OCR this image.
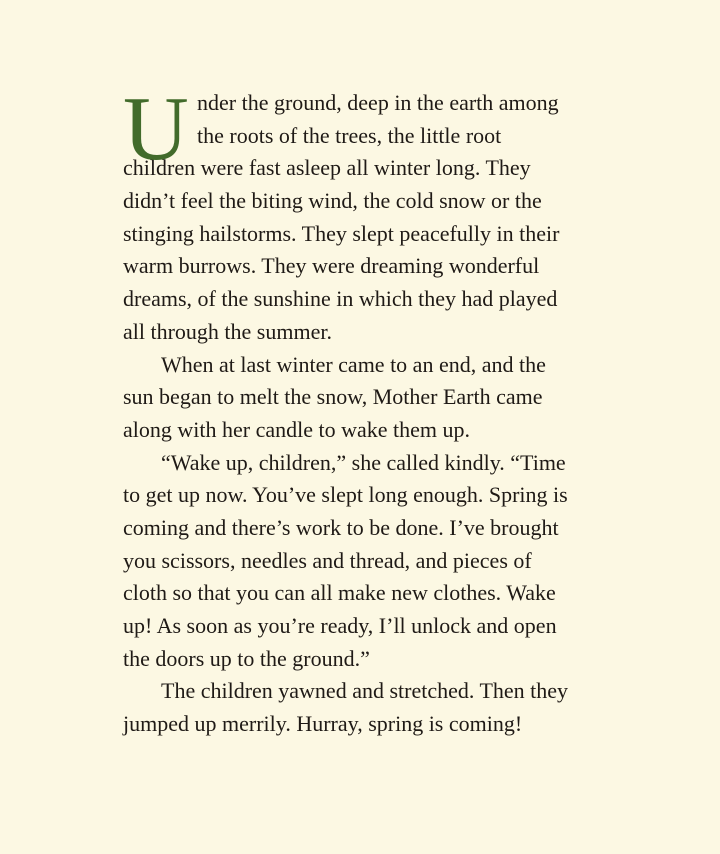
U nder the ground, deep in the earth among
the roots of the trees, the little root
children were fast asleep all winter long. They
didn’t feel the biting wind, the cold snow or the
stinging hailstorms. They slept peacefully in their
warm burrows. They were dreaming wonderful
dreams, of the sunshine in which they had played
all through the summer.
When at last winter came to an end, and the
sun began to melt the snow, Mother Earth came
along with her candle to wake them up.
“Wake up, children,” she called kindly. “Time
to get up now. You’ve slept long enough. Spring is
coming and there’s work to be done. I’ve brought
you scissors, needles and thread, and pieces of
cloth so that you can all make new clothes. Wake
up! As soon as you’re ready, I’ll unlock and open
the doors up to the ground.”
The children yawned and stretched. Then they
jumped up merrily. Hurray, spring is coming!
